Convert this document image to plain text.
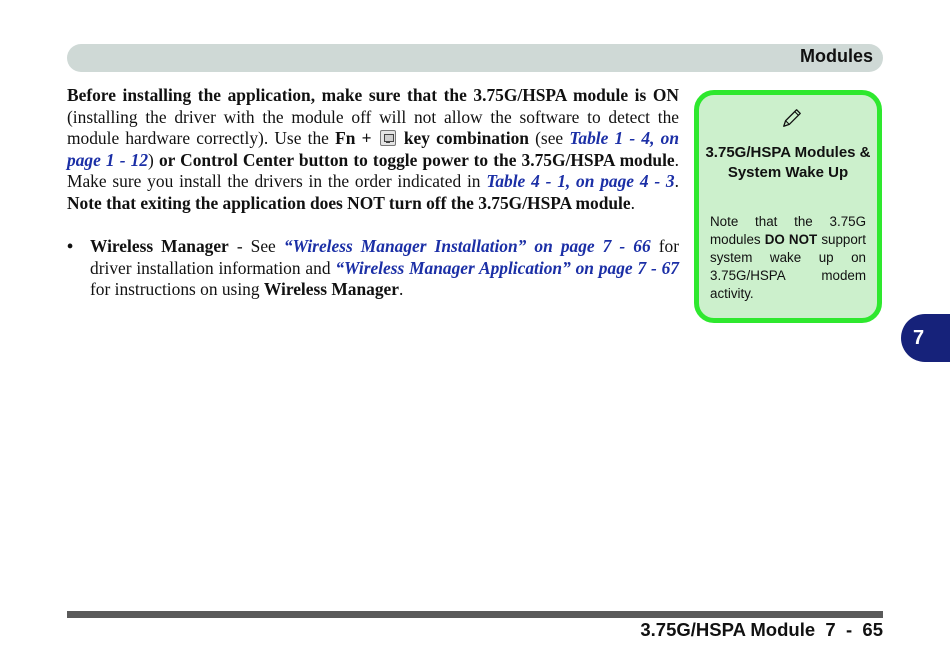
Modules

Before installing the application, make sure that the 3.75G/HSPA module is ON (installing the driver with the module off will not allow the software to detect the module hardware correctly). Use the Fn +  key combination (see Table 1 - 4, on page 1 - 12) or Control Center button to toggle power to the 3.75G/HSPA module. Make sure you install the drivers in the order indicated in Table 4 - 1, on page 4 - 3. Note that exiting the application does NOT turn off the 3.75G/HSPA module.

• Wireless Manager - See “Wireless Manager Installation” on page 7 - 66 for driver installation information and “Wireless Manager Application” on page 7 - 67 for instructions on using Wireless Manager.
3.75G/HSPA Modules & System Wake Up
Note that the 3.75G modules DO NOT support system wake up on 3.75G/HSPA modem activity.
7
3.75G/HSPA Module  7  -  65
